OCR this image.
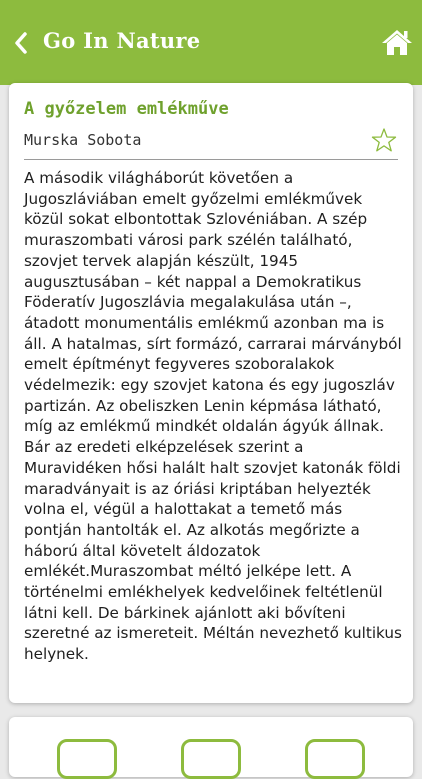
Go In Nature
A győzelem emlékműve
Murska Sobota

A második világháborút követően a Jugoszláviában emelt győzelmi emlékművek közül sokat elbontottak Szlovéniában. A szép muraszombati városi park szélén található, szovjet tervek alapján készült, 1945 augusztusában – két nappal a Demokratikus Föderatív Jugoszlávia megalakulása után –, átadott monumentális emlékmű azonban ma is áll. A hatalmas, sírt formázó, carrarai márványból emelt építményt fegyveres szoboralakok védelmezik: egy szovjet katona és egy jugoszláv partizán. Az obeliszken Lenin képmása látható, míg az emlékmű mindkét oldalán ágyúk állnak. Bár az eredeti elképzelések szerint a Muravidéken hősi halált halt szovjet katonák földi maradványait is az óriási kriptában helyezték volna el, végül a halottakat a temető más pontján hantolták el. Az alkotás megőrizte a háború által követelt áldozatok emlékét.Muraszombat méltó jelképe lett. A történelmi emlékhelyek kedvelőinek feltétlenül látni kell. De bárkinek ajánlott aki bővíteni szeretné az ismereteit. Méltán nevezhető kultikus helynek.
